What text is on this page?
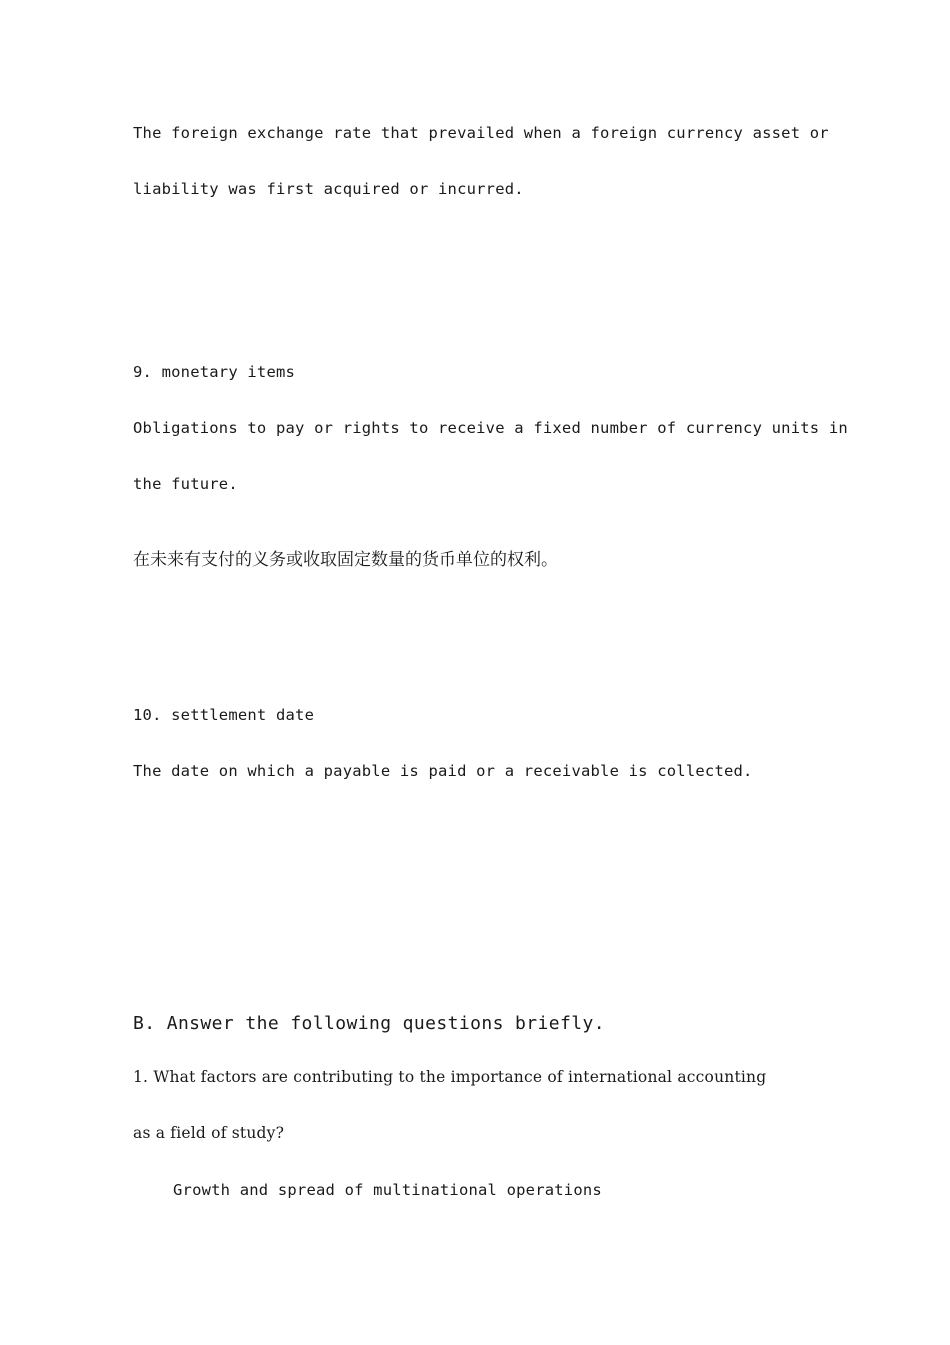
The foreign exchange rate that prevailed when a foreign currency asset or
liability was first acquired or incurred.
9. monetary items
Obligations to pay or rights to receive a fixed number of currency units in
the future.
在未来有支付的义务或收取固定数量的货币单位的权利。
10. settlement date
The date on which a payable is paid or a receivable is collected.
B. Answer the following questions briefly.
1. What factors are contributing to the importance of international accounting
as a field of study?
Growth and spread of multinational operations
